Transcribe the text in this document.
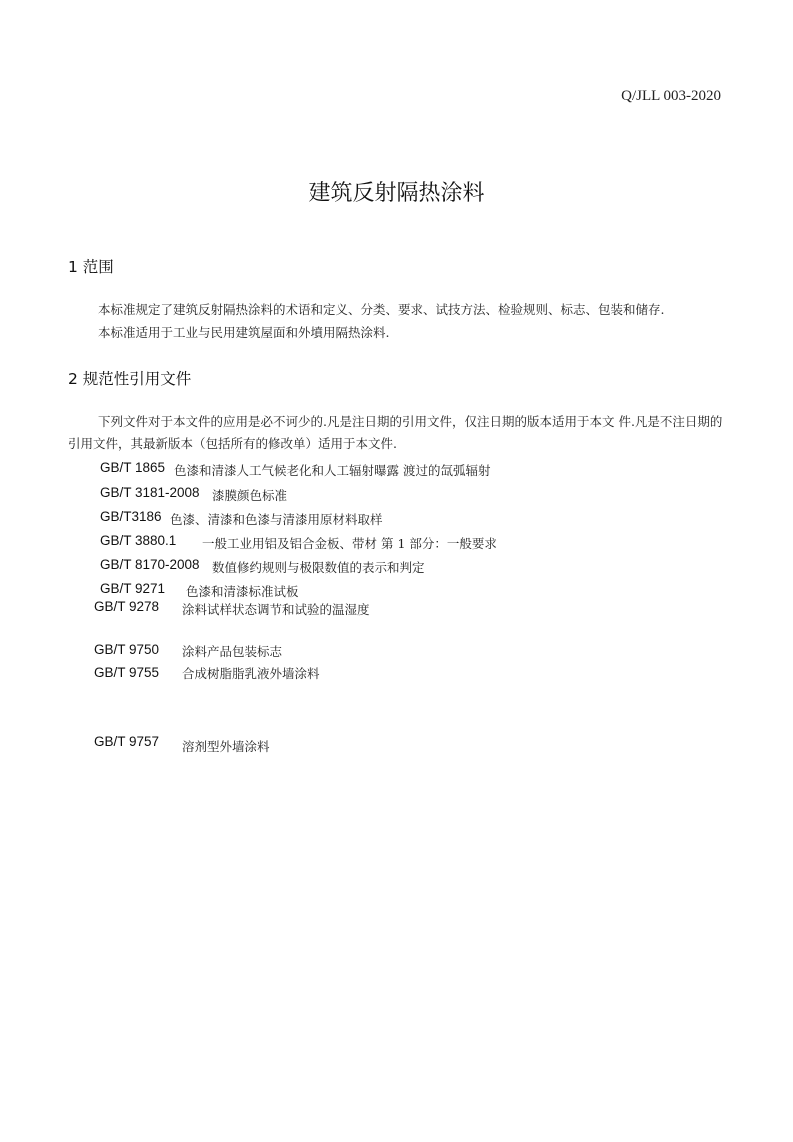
Q/JLL 003-2020
建筑反射隔热涂料
1 范围
本标准规定了建筑反射隔热涂料的术语和定义、分类、要求、试技方法、检验规则、标志、包装和储存.
本标准适用于工业与民用建筑屋面和外墳用隔热涂料.
2 规范性引用文件
下列文件对于本文件的应用是必不诃少的.凡是注日期的引用文件，仅注日期的版本适用于本文 件.凡是不注日期的引用文件，其最新版本（包括所有的修改单）适用于本文件.
GB/T 1865 色漆和清漆人工气候老化和人工辐射曝露 渡过的氙弧辐射
GB/T 3181-2008 漆膜颜色标准
GB/T3186 色漆、清漆和色漆与清漆用原材料取样
GB/T 3880.1 一般工业用铝及铝合金板、带材 第 1 部分：一般要求
GB/T 8170-2008 数值修约规则与极限数值的表示和判定
GB/T 9271 色漆和清漆标准试板
GB/T 9278 涂料试样状态调节和试验的温湿度
GB/T 9750 涂料产品包装标志
GB/T 9755 合成树脂脂乳液外墙涂料
GB/T 9757 溶剂型外墙涂料
